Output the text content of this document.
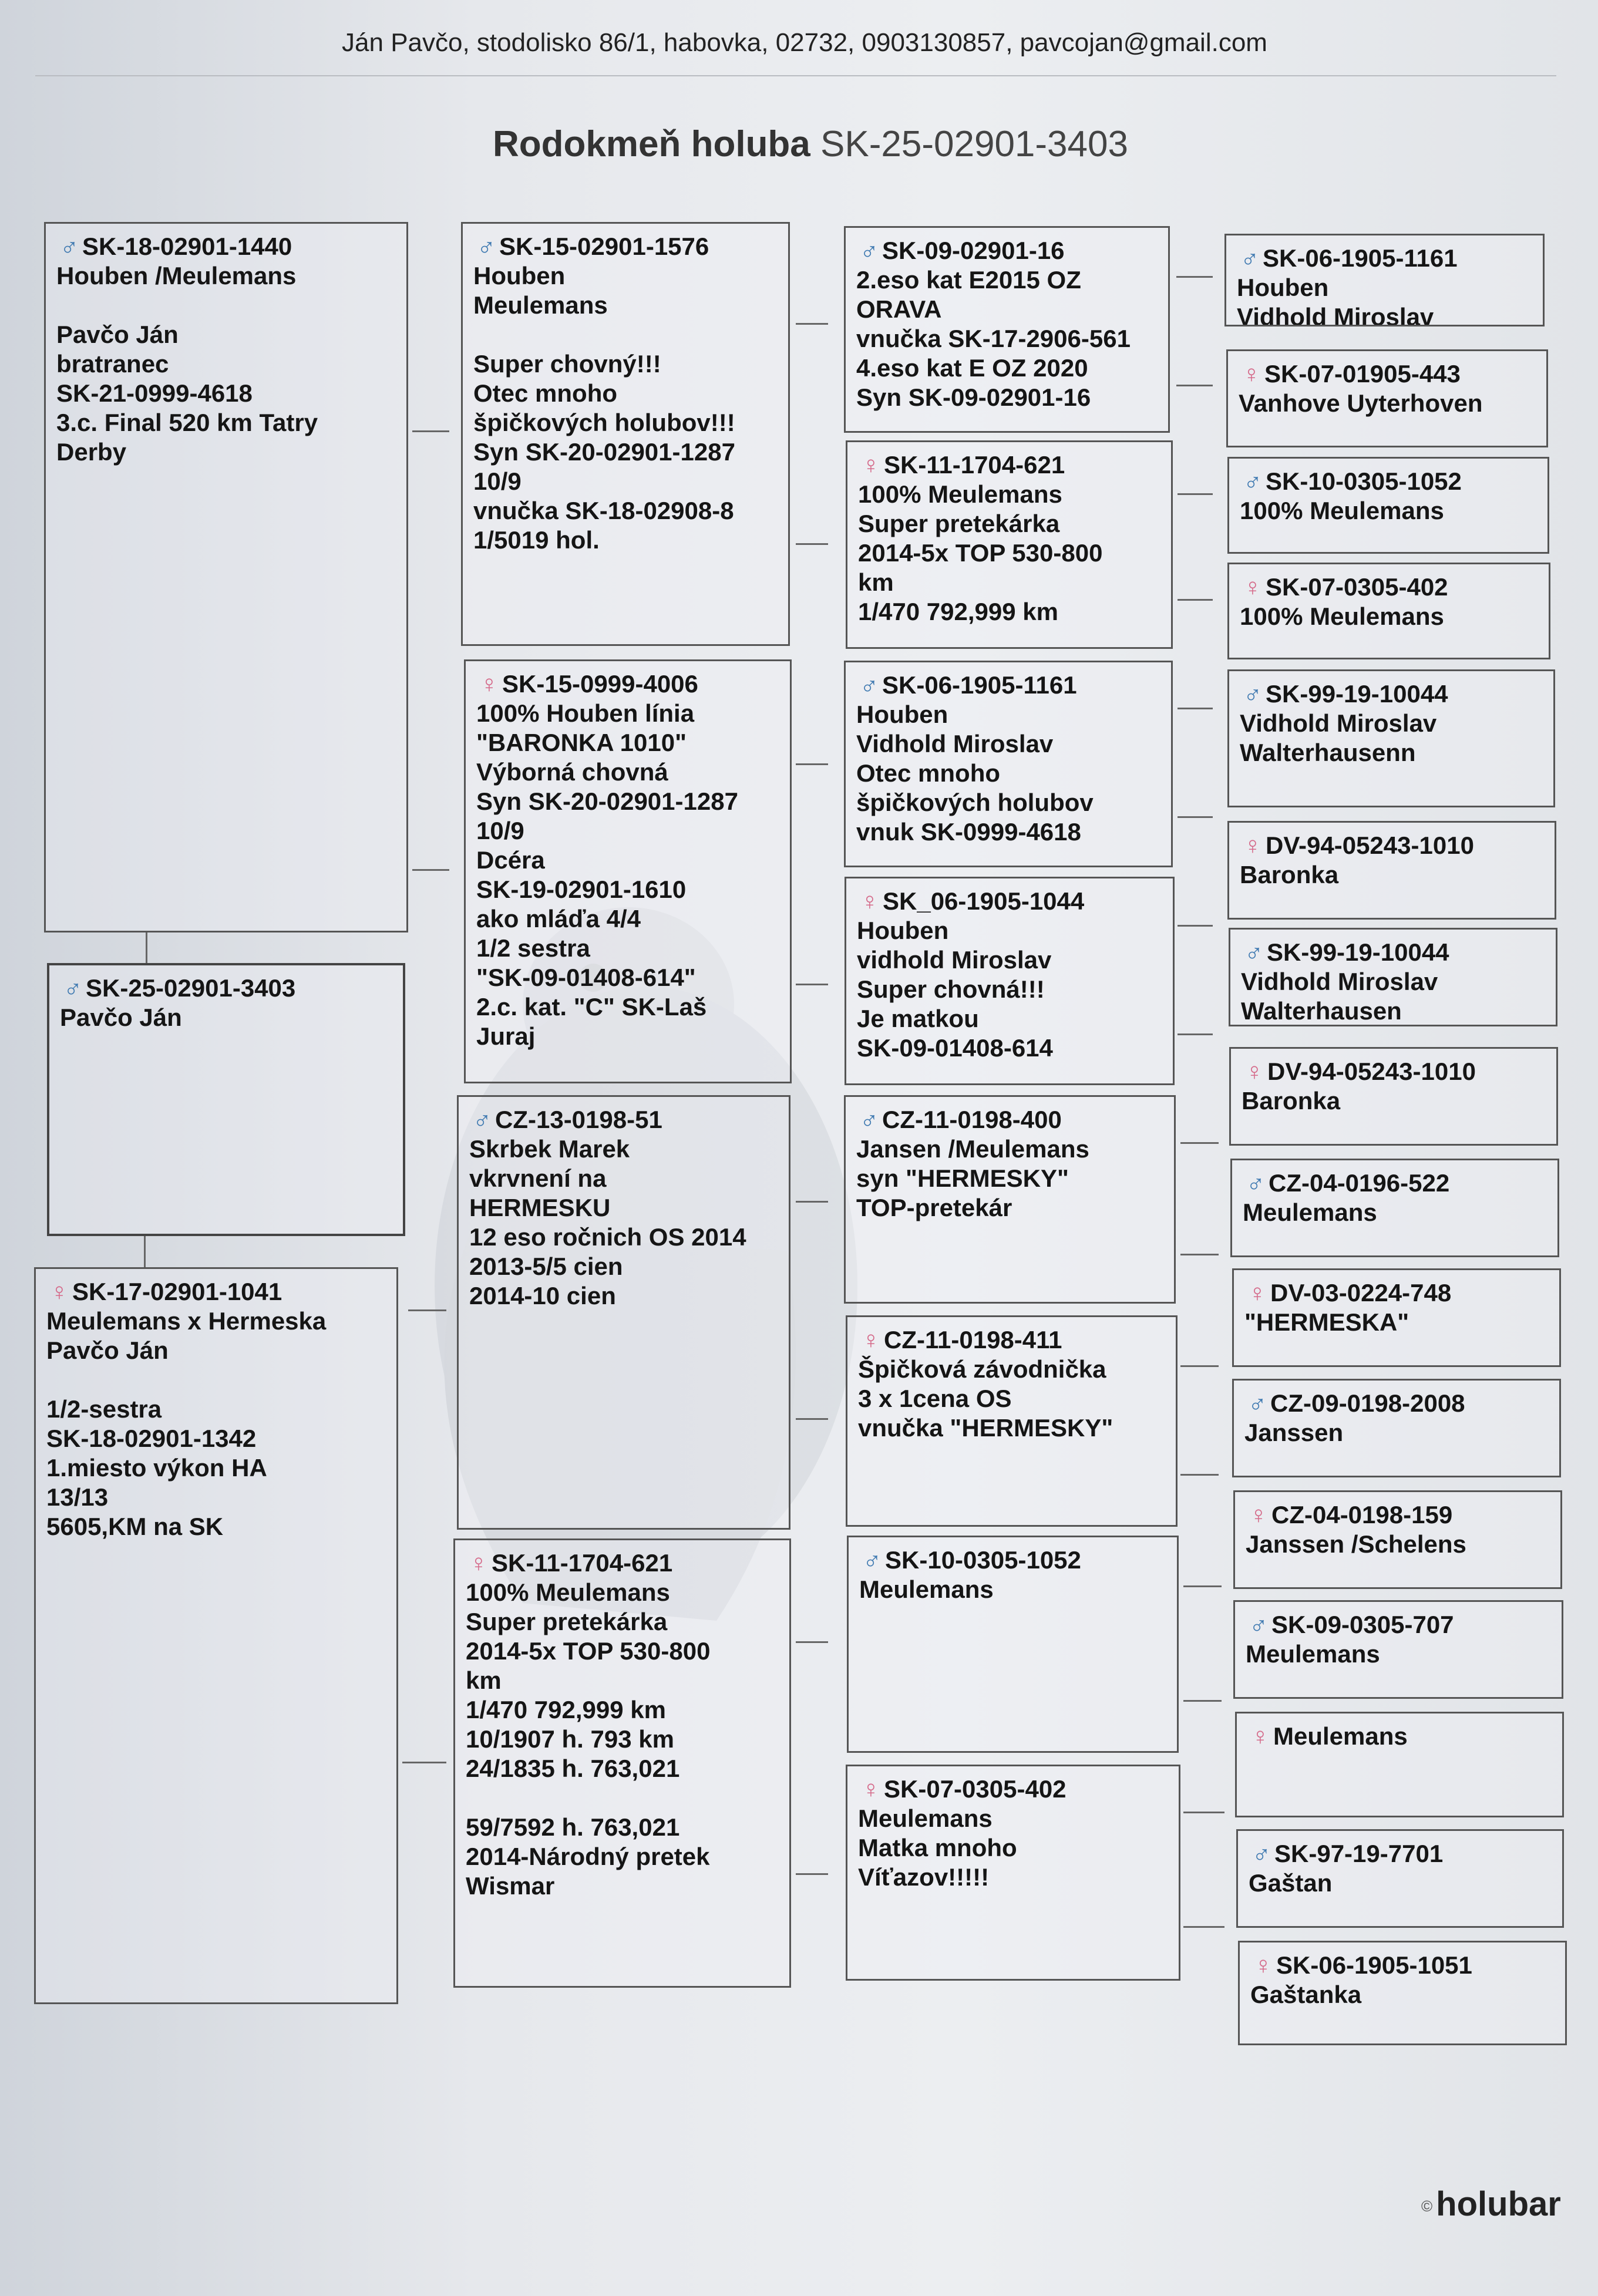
Ján Pavčo, stodolisko 86/1, habovka, 02732, 0903130857, pavcojan@gmail.com
Rodokmeň holuba SK-25-02901-3403
♂ SK-25-02901-3403
Pavčo Ján
♂ SK-18-02901-1440
Houben /Meulemans
Pavčo Ján
bratranec
SK-21-0999-4618
3.c. Final 520 km Tatry
Derby
♀ SK-17-02901-1041
Meulemans x Hermeska
Pavčo Ján
1/2-sestra
SK-18-02901-1342
1.miesto výkon HA
13/13
5605,KM na SK
♂ SK-15-02901-1576
Houben
Meulemans
Super chovný!!!
Otec mnoho
špičkových holubov!!!
Syn SK-20-02901-1287
10/9
vnučka SK-18-02908-8
1/5019 hol.
♀ SK-15-0999-4006
100% Houben línia
"BARONKA 1010"
Výborná chovná
Syn SK-20-02901-1287
10/9
Dcéra
SK-19-02901-1610
ako mláďa 4/4
1/2 sestra
"SK-09-01408-614"
2.c. kat. "C" SK-Laš
Juraj
♂ CZ-13-0198-51
Skrbek Marek
vkrvnení na
HERMESKU
12 eso ročnich OS 2014
2013-5/5 cien
2014-10 cien
♀ SK-11-1704-621
100% Meulemans
Super pretekárka
2014-5x TOP 530-800
km
1/470 792,999 km
10/1907 h. 793 km
24/1835 h. 763,021
59/7592 h. 763,021
2014-Národný pretek
Wismar
♂ SK-09-02901-16
2.eso kat E2015 OZ
ORAVA
vnučka SK-17-2906-561
4.eso kat E OZ 2020
Syn SK-09-02901-16
♀ SK-11-1704-621
100% Meulemans
Super pretekárka
2014-5x TOP 530-800
km
1/470 792,999 km
♂ SK-06-1905-1161
Houben
Vidhold Miroslav
Otec mnoho
špičkových holubov
vnuk SK-0999-4618
♀ SK_06-1905-1044
Houben
vidhold Miroslav
Super chovná!!!
Je matkou
SK-09-01408-614
♂ CZ-11-0198-400
Jansen /Meulemans
syn "HERMESKY"
TOP-pretekár
♀ CZ-11-0198-411
Špičková závodnička
3 x 1cena OS
vnučka "HERMESKY"
♂ SK-10-0305-1052
Meulemans
♀ SK-07-0305-402
Meulemans
Matka mnoho
Víťazov!!!!!
♂ SK-06-1905-1161
Houben
Vidhold Miroslav
♀ SK-07-01905-443
Vanhove Uyterhoven
♂ SK-10-0305-1052
100% Meulemans
♀ SK-07-0305-402
100% Meulemans
♂ SK-99-19-10044
Vidhold Miroslav
Walterhausenn
♀ DV-94-05243-1010
Baronka
♂ SK-99-19-10044
Vidhold Miroslav
Walterhausen
♀ DV-94-05243-1010
Baronka
♂ CZ-04-0196-522
Meulemans
♀ DV-03-0224-748
"HERMESKA"
♂ CZ-09-0198-2008
Janssen
♀ CZ-04-0198-159
Janssen /Schelens
♂ SK-09-0305-707
Meulemans
♀ Meulemans
♂ SK-97-19-7701
Gaštan
♀ SK-06-1905-1051
Gaštanka
© holubar
